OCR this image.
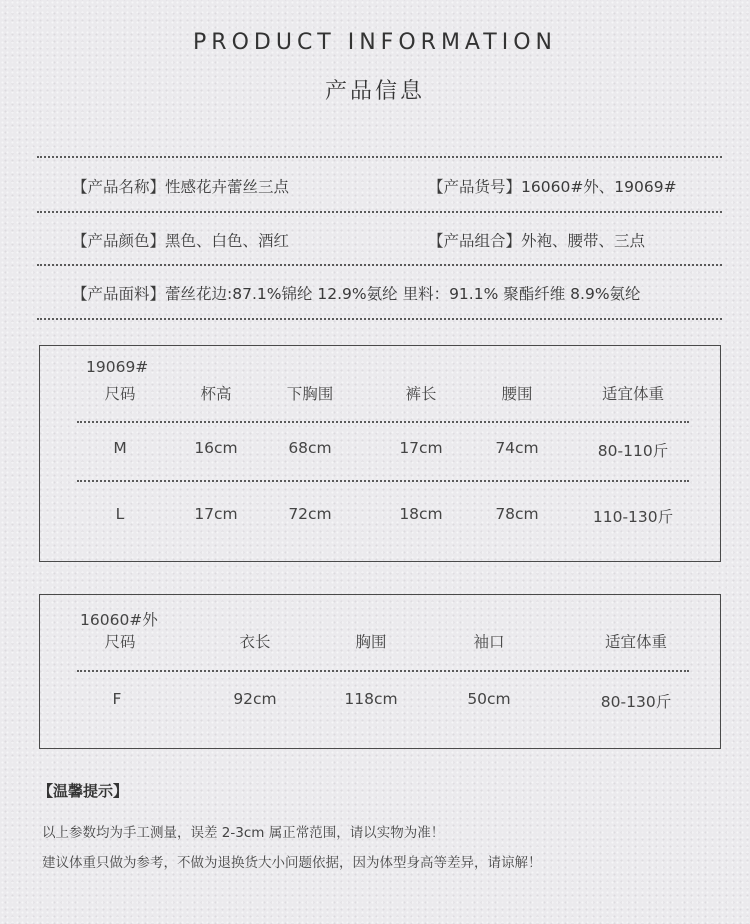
PRODUCT INFORMATION
产品信息
【产品名称】性感花卉蕾丝三点	【产品货号】16060#外、19069#
【产品颜色】黑色、白色、酒红	【产品组合】外袍、腰带、三点
【产品面料】蕾丝花边:87.1%锦纶 12.9%氨纶 里料：91.1% 聚酯纤维 8.9%氨纶
19069#
尺码	杯高	下胸围	裤长	腰围	适宜体重
M	16cm	68cm	17cm	74cm	80-110斤
L	17cm	72cm	18cm	78cm	110-130斤
16060#外
尺码	衣长	胸围	袖口	适宜体重
F	92cm	118cm	50cm	80-130斤
【温馨提示】
以上参数均为手工测量，误差 2-3cm 属正常范围，请以实物为准！
建议体重只做为参考，不做为退换货大小问题依据，因为体型身高等差异，请谅解！
